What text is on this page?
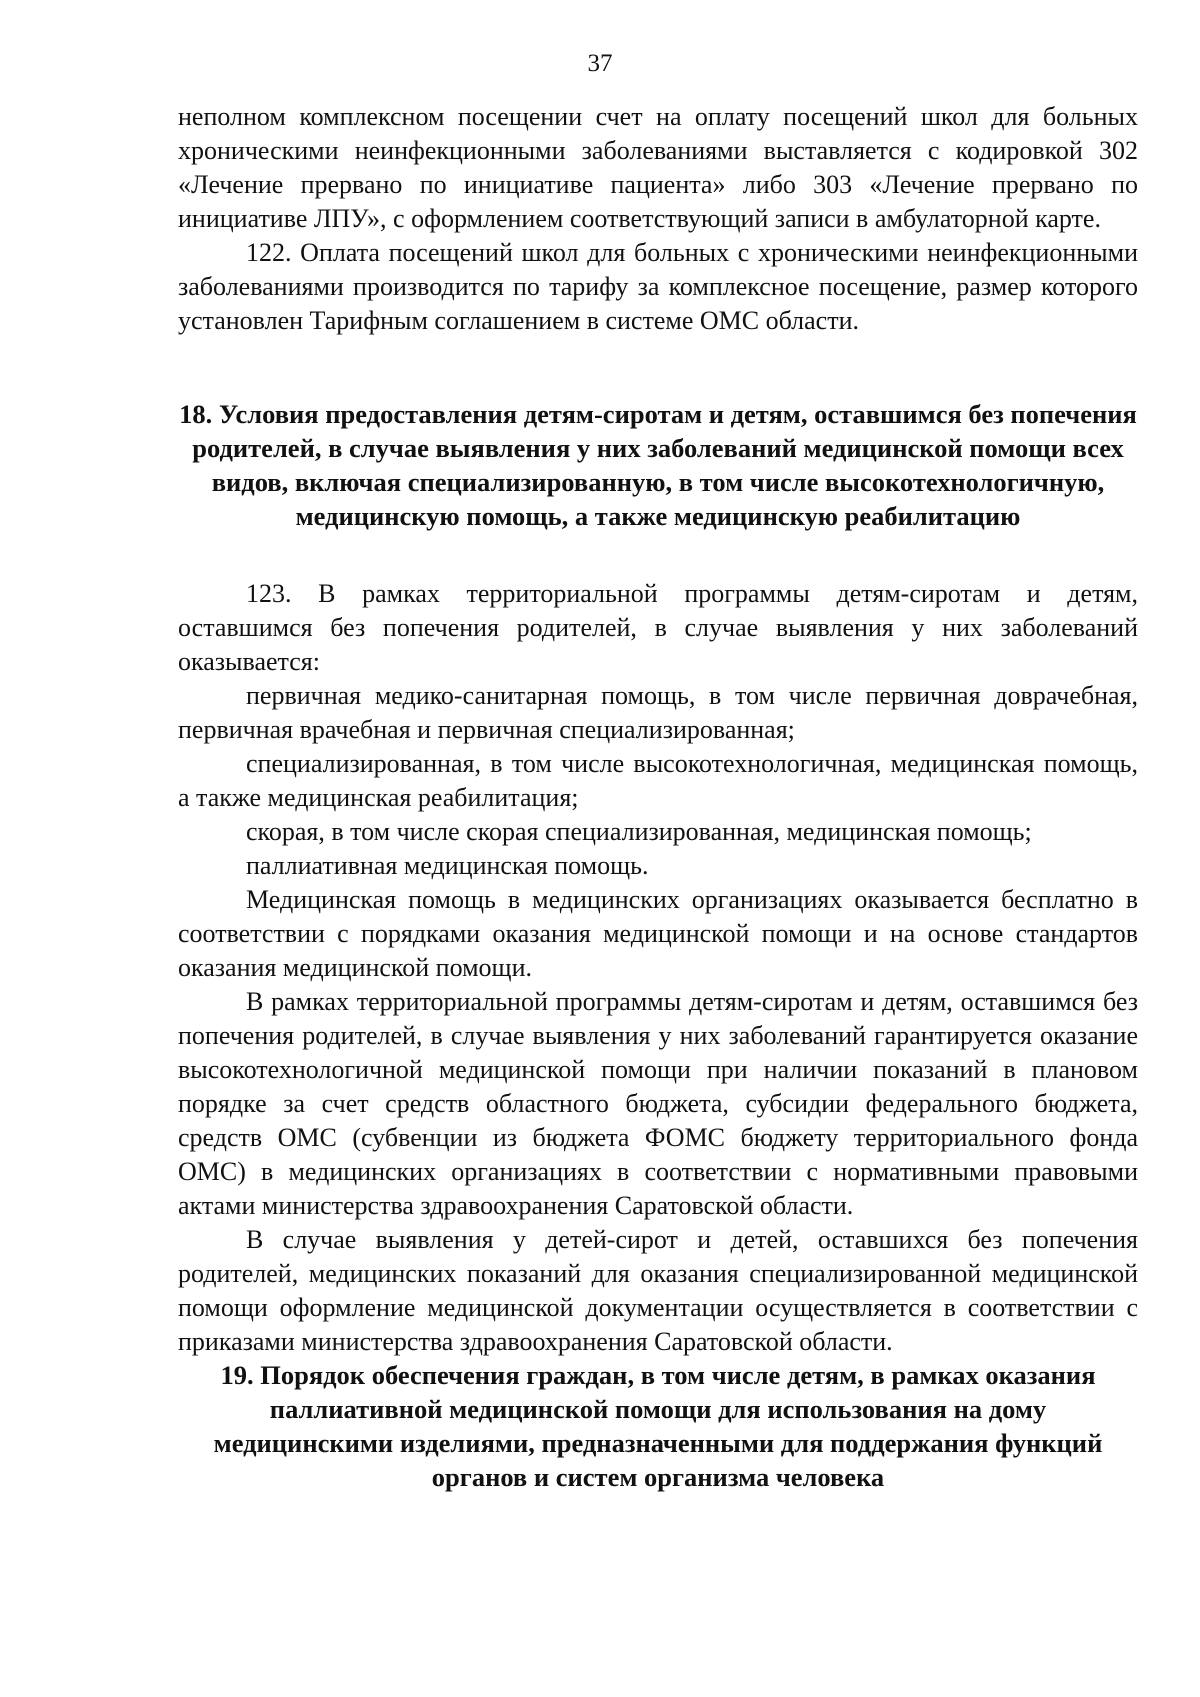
37

неполном комплексном посещении счет на оплату посещений школ для больных хроническими неинфекционными заболеваниями выставляется с кодировкой 302 «Лечение прервано по инициативе пациента» либо 303 «Лечение прервано по инициативе ЛПУ», с оформлением соответствующий записи в амбулаторной карте.

122. Оплата посещений школ для больных с хроническими неинфекционными заболеваниями производится по тарифу за комплексное посещение, размер которого установлен Тарифным соглашением в системе ОМС области.

18. Условия предоставления детям-сиротам и детям, оставшимся без попечения родителей, в случае выявления у них заболеваний медицинской помощи всех видов, включая специализированную, в том числе высокотехнологичную, медицинскую помощь, а также медицинскую реабилитацию

123. В рамках территориальной программы детям-сиротам и детям, оставшимся без попечения родителей, в случае выявления у них заболеваний оказывается:

первичная медико-санитарная помощь, в том числе первичная доврачебная, первичная врачебная и первичная специализированная;

специализированная, в том числе высокотехнологичная, медицинская помощь, а также медицинская реабилитация;

скорая, в том числе скорая специализированная, медицинская помощь;

паллиативная медицинская помощь.

Медицинская помощь в медицинских организациях оказывается бесплатно в соответствии с порядками оказания медицинской помощи и на основе стандартов оказания медицинской помощи.

В рамках территориальной программы детям-сиротам и детям, оставшимся без попечения родителей, в случае выявления у них заболеваний гарантируется оказание высокотехнологичной медицинской помощи при наличии показаний в плановом порядке за счет средств областного бюджета, субсидии федерального бюджета, средств ОМС (субвенции из бюджета ФОМС бюджету территориального фонда ОМС) в медицинских организациях в соответствии с нормативными правовыми актами министерства здравоохранения Саратовской области.

В случае выявления у детей-сирот и детей, оставшихся без попечения родителей, медицинских показаний для оказания специализированной медицинской помощи оформление медицинской документации осуществляется в соответствии с приказами министерства здравоохранения Саратовской области.

19. Порядок обеспечения граждан, в том числе детям, в рамках оказания паллиативной медицинской помощи для использования на дому медицинскими изделиями, предназначенными для поддержания функций органов и систем организма человека
